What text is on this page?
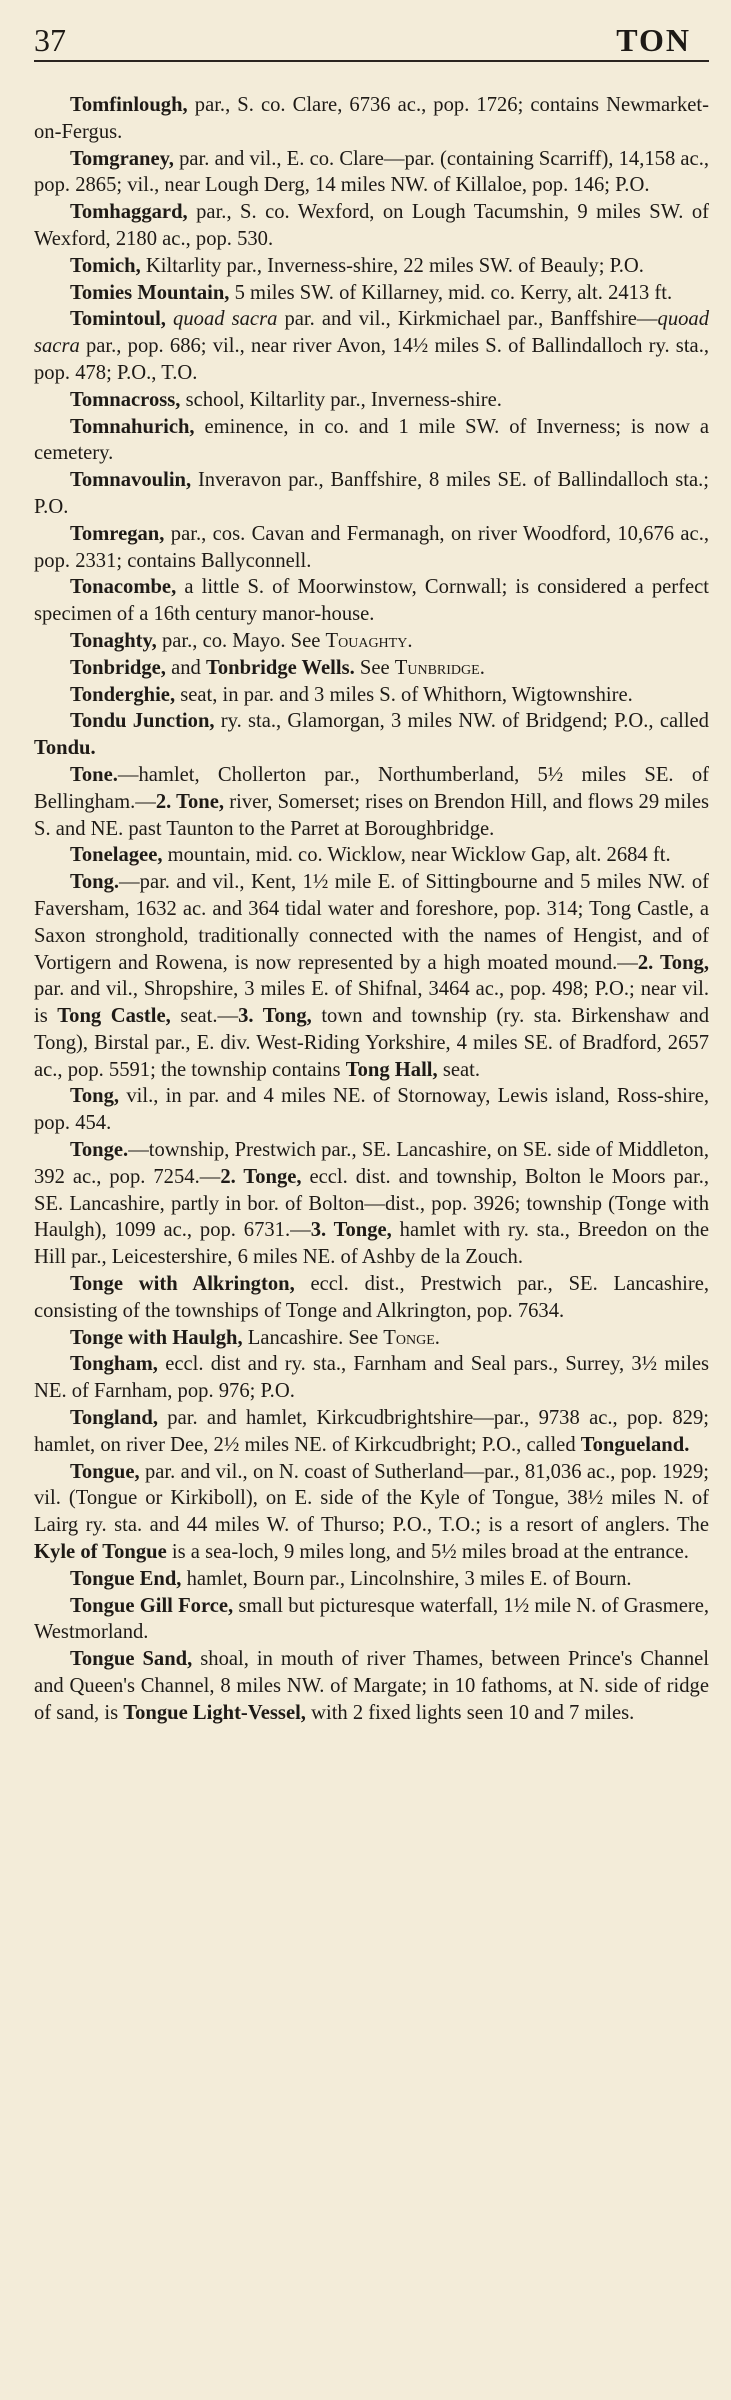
37	TON

Tomfinlough, par., S. co. Clare, 6736 ac., pop. 1726; contains Newmarket-on-Fergus.

Tomgraney, par. and vil., E. co. Clare—par. (containing Scarriff), 14,158 ac., pop. 2865; vil., near Lough Derg, 14 miles NW. of Killaloe, pop. 146; P.O.

Tomhaggard, par., S. co. Wexford, on Lough Tacumshin, 9 miles SW. of Wexford, 2180 ac., pop. 530.

Tomich, Kiltarlity par., Inverness-shire, 22 miles SW. of Beauly; P.O.

Tomies Mountain, 5 miles SW. of Killarney, mid. co. Kerry, alt. 2413 ft.

Tomintoul, quoad sacra par. and vil., Kirkmichael par., Banffshire—quoad sacra par., pop. 686; vil., near river Avon, 14½ miles S. of Ballindalloch ry. sta., pop. 478; P.O., T.O.

Tomnacross, school, Kiltarlity par., Inverness-shire.

Tomnahurich, eminence, in co. and 1 mile SW. of Inverness; is now a cemetery.

Tomnavoulin, Inveravon par., Banffshire, 8 miles SE. of Ballindalloch sta.; P.O.

Tomregan, par., cos. Cavan and Fermanagh, on river Woodford, 10,676 ac., pop. 2331; contains Ballyconnell.

Tonacombe, a little S. of Moorwinstow, Cornwall; is considered a perfect specimen of a 16th century manor-house.

Tonaghty, par., co. Mayo. See Touaghty.

Tonbridge, and Tonbridge Wells. See Tunbridge.

Tonderghie, seat, in par. and 3 miles S. of Whithorn, Wigtownshire.

Tondu Junction, ry. sta., Glamorgan, 3 miles NW. of Bridgend; P.O., called Tondu.

Tone.—hamlet, Chollerton par., Northumberland, 5½ miles SE. of Bellingham.—2. Tone, river, Somerset; rises on Brendon Hill, and flows 29 miles S. and NE. past Taunton to the Parret at Boroughbridge.

Tonelagee, mountain, mid. co. Wicklow, near Wicklow Gap, alt. 2684 ft.

Tong.—par. and vil., Kent, 1½ mile E. of Sittingbourne and 5 miles NW. of Faversham, 1632 ac. and 364 tidal water and foreshore, pop. 314; Tong Castle, a Saxon stronghold, traditionally connected with the names of Hengist, and of Vortigern and Rowena, is now represented by a high moated mound.—2. Tong, par. and vil., Shropshire, 3 miles E. of Shifnal, 3464 ac., pop. 498; P.O.; near vil. is Tong Castle, seat.—3. Tong, town and township (ry. sta. Birkenshaw and Tong), Birstal par., E. div. West-Riding Yorkshire, 4 miles SE. of Bradford, 2657 ac., pop. 5591; the township contains Tong Hall, seat.

Tong, vil., in par. and 4 miles NE. of Stornoway, Lewis island, Ross-shire, pop. 454.

Tonge.—township, Prestwich par., SE. Lancashire, on SE. side of Middleton, 392 ac., pop. 7254.—2. Tonge, eccl. dist. and township, Bolton le Moors par., SE. Lancashire, partly in bor. of Bolton—dist., pop. 3926; township (Tonge with Haulgh), 1099 ac., pop. 6731.—3. Tonge, hamlet with ry. sta., Breedon on the Hill par., Leicestershire, 6 miles NE. of Ashby de la Zouch.

Tonge with Alkrington, eccl. dist., Prestwich par., SE. Lancashire, consisting of the townships of Tonge and Alkrington, pop. 7634.

Tonge with Haulgh, Lancashire. See Tonge.

Tongham, eccl. dist and ry. sta., Farnham and Seal pars., Surrey, 3½ miles NE. of Farnham, pop. 976; P.O.

Tongland, par. and hamlet, Kirkcudbrightshire—par., 9738 ac., pop. 829; hamlet, on river Dee, 2½ miles NE. of Kirkcudbright; P.O., called Tongueland.

Tongue, par. and vil., on N. coast of Sutherland—par., 81,036 ac., pop. 1929; vil. (Tongue or Kirkiboll), on E. side of the Kyle of Tongue, 38½ miles N. of Lairg ry. sta. and 44 miles W. of Thurso; P.O., T.O.; is a resort of anglers. The Kyle of Tongue is a sea-loch, 9 miles long, and 5½ miles broad at the entrance.

Tongue End, hamlet, Bourn par., Lincolnshire, 3 miles E. of Bourn.

Tongue Gill Force, small but picturesque waterfall, 1½ mile N. of Grasmere, Westmorland.

Tongue Sand, shoal, in mouth of river Thames, between Prince's Channel and Queen's Channel, 8 miles NW. of Margate; in 10 fathoms, at N. side of ridge of sand, is Tongue Light-Vessel, with 2 fixed lights seen 10 and 7 miles.
